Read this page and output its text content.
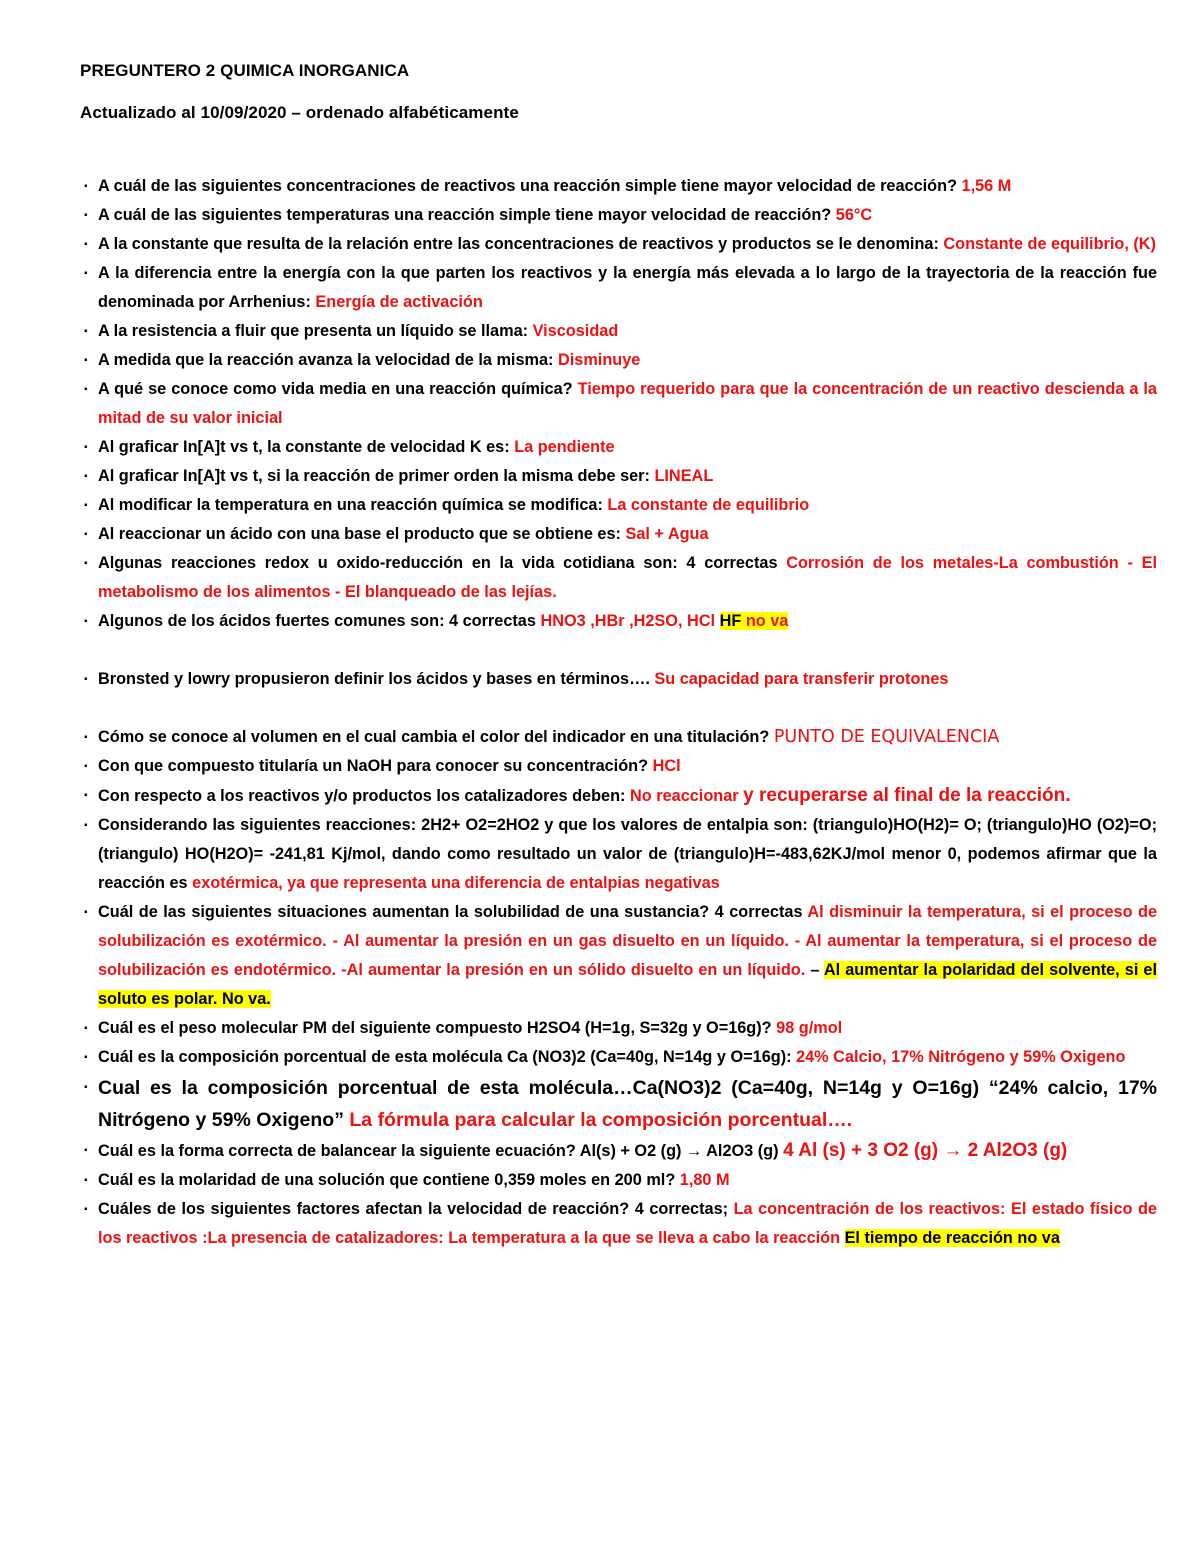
PREGUNTERO 2 QUIMICA INORGANICA
Actualizado al 10/09/2020 – ordenado alfabéticamente
▪ A cuál de las siguientes concentraciones de reactivos una reacción simple tiene mayor velocidad de reacción? 1,56 M
▪ A cuál de las siguientes temperaturas una reacción simple tiene mayor velocidad de reacción? 56°C
▪ A la constante que resulta de la relación entre las concentraciones de reactivos y productos se le denomina: Constante de equilibrio, (K)
▪ A la diferencia entre la energía con la que parten los reactivos y la energía más elevada a lo largo de la trayectoria de la reacción fue denominada por Arrhenius: Energía de activación
▪ A la resistencia a fluir que presenta un líquido se llama: Viscosidad
▪ A medida que la reacción avanza la velocidad de la misma: Disminuye
▪ A qué se conoce como vida media en una reacción química? Tiempo requerido para que la concentración de un reactivo descienda a la mitad de su valor inicial
▪ Al graficar In[A]t vs t, la constante de velocidad K es: La pendiente
▪ Al graficar In[A]t vs t, si la reacción de primer orden la misma debe ser: LINEAL
▪ Al modificar la temperatura en una reacción química se modifica: La constante de equilibrio
▪ Al reaccionar un ácido con una base el producto que se obtiene es: Sal + Agua
▪ Algunas reacciones redox u oxido-reducción en la vida cotidiana son: 4 correctas Corrosión de los metales-La combustión - El metabolismo de los alimentos - El blanqueado de las lejías.
▪ Algunos de los ácidos fuertes comunes son: 4 correctas HNO3 ,HBr ,H2SO, HCl HF no va
▪ Bronsted y lowry propusieron definir los ácidos y bases en términos…. Su capacidad para transferir protones
▪ Cómo se conoce al volumen en el cual cambia el color del indicador en una titulación? PUNTO DE EQUIVALENCIA
▪ Con que compuesto titularía un NaOH para conocer su concentración? HCl
▪ Con respecto a los reactivos y/o productos los catalizadores deben: No reaccionar y recuperarse al final de la reacción.
▪ Considerando las siguientes reacciones: 2H2+ O2=2HO2 y que los valores de entalpia son: (triangulo)HO(H2)= O; (triangulo)HO (O2)=O; (triangulo) HO(H2O)= -241,81 Kj/mol, dando como resultado un valor de (triangulo)H=-483,62KJ/mol menor 0, podemos afirmar que la reacción es exotérmica, ya que representa una diferencia de entalpias negativas
▪ Cuál de las siguientes situaciones aumentan la solubilidad de una sustancia? 4 correctas Al disminuir la temperatura, si el proceso de solubilización es exotérmico. - Al aumentar la presión en un gas disuelto en un líquido. - Al aumentar la temperatura, si el proceso de solubilización es endotérmico. -Al aumentar la presión en un sólido disuelto en un líquido. – Al aumentar la polaridad del solvente, si el soluto es polar. No va.
▪ Cuál es el peso molecular PM del siguiente compuesto H2SO4 (H=1g, S=32g y O=16g)? 98 g/mol
▪ Cuál es la composición porcentual de esta molécula Ca (NO3)2 (Ca=40g, N=14g y O=16g): 24% Calcio, 17% Nitrógeno y 59% Oxigeno
▪ Cual es la composición porcentual de esta molécula…Ca(NO3)2 (Ca=40g, N=14g y O=16g) “24% calcio, 17% Nitrógeno y 59% Oxigeno” La fórmula para calcular la composición porcentual….
▪ Cuál es la forma correcta de balancear la siguiente ecuación? Al(s) + O2 (g) → Al2O3 (g) 4 Al (s) + 3 O2 (g) → 2 Al2O3 (g)
▪ Cuál es la molaridad de una solución que contiene 0,359 moles en 200 ml? 1,80 M
▪ Cuáles de los siguientes factores afectan la velocidad de reacción? 4 correctas; La concentración de los reactivos: El estado físico de los reactivos :La presencia de catalizadores: La temperatura a la que se lleva a cabo la reacción El tiempo de reacción no va
